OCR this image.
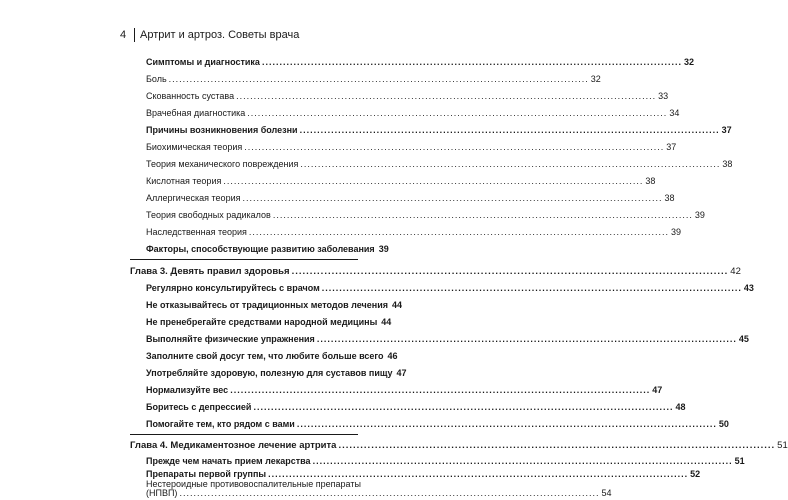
4 Артрит и артроз. Советы врача
Симптомы и диагностика ........................................................................................................................ 32
Боль ........................................................................................................................ 32
Скованность сустава ........................................................................................................................ 33
Врачебная диагностика ........................................................................................................................ 34
Причины возникновения болезни ........................................................................................................................ 37
Биохимическая теория ........................................................................................................................ 37
Теория механического повреждения ........................................................................................................................ 38
Кислотная теория ........................................................................................................................ 38
Аллергическая теория ........................................................................................................................ 38
Теория свободных радикалов ........................................................................................................................ 39
Наследственная теория ........................................................................................................................ 39
Факторы, способствующие развитию заболевания 39
Глава 3. Девять правил здоровья ........................................................................................................................ 42
Регулярно консультируйтесь с врачом ........................................................................................................................ 43
Не отказывайтесь от традиционных методов лечения 44
Не пренебрегайте средствами народной медицины 44
Выполняйте физические упражнения ........................................................................................................................ 45
Заполните свой досуг тем, что любите больше всего 46
Употребляйте здоровую, полезную для суставов пищу 47
Нормализуйте вес ........................................................................................................................ 47
Боритесь с депрессией ........................................................................................................................ 48
Помогайте тем, кто рядом с вами ........................................................................................................................ 50
Глава 4. Медикаментозное лечение артрита ........................................................................................................................ 51
Прежде чем начать прием лекарства ........................................................................................................................ 51
Препараты первой группы ........................................................................................................................ 52
Нестероидные противовоспалительные препараты
(НПВП) ........................................................................................................................ 54
